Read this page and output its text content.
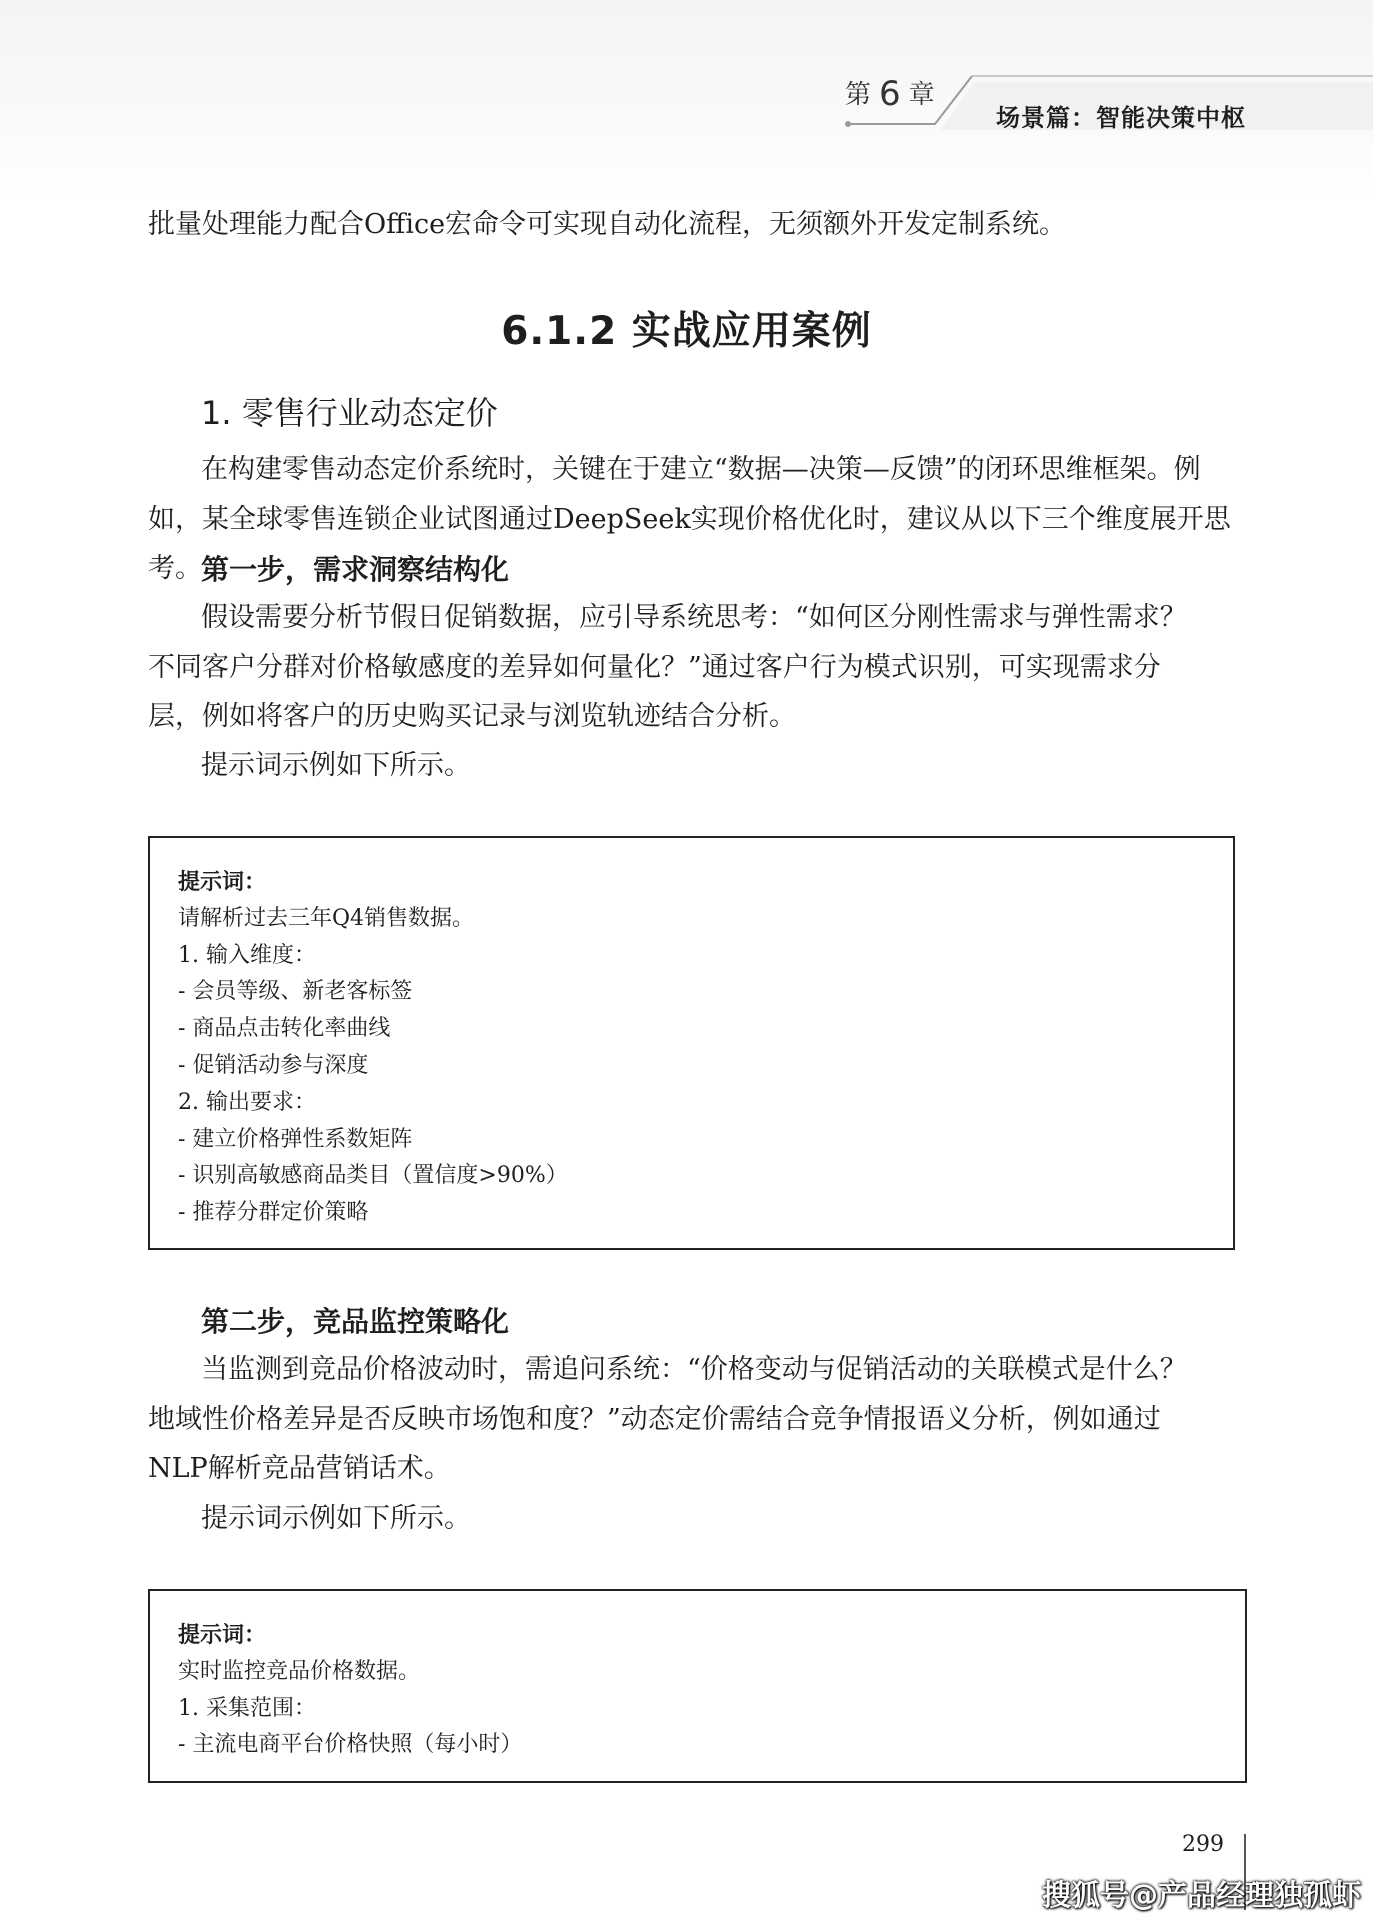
第 6 章
场景篇：智能决策中枢

批量处理能力配合Office宏命令可实现自动化流程，无须额外开发定制系统。

6.1.2 实战应用案例
1. 零售行业动态定价

在构建零售动态定价系统时，关键在于建立“数据—决策—反馈”的闭环思维框架。例

如，某全球零售连锁企业试图通过DeepSeek实现价格优化时，建议从以下三个维度展开思考。 第一步，需求洞察结构化

假设需要分析节假日促销数据，应引导系统思考：“如何区分刚性需求与弹性需求？

不同客户分群对价格敏感度的差异如何量化？”通过客户行为模式识别，可实现需求分

层，例如将客户的历史购买记录与浏览轨迹结合分析。

提示词示例如下所示。

提示词：
请解析过去三年Q4销售数据。
1. 输入维度：
- 会员等级、新老客标签
- 商品点击转化率曲线
- 促销活动参与深度
2. 输出要求：
- 建立价格弹性系数矩阵
- 识别高敏感商品类目（置信度>90%）
- 推荐分群定价策略
第二步，竞品监控策略化

当监测到竞品价格波动时，需追问系统：“价格变动与促销活动的关联模式是什么？

地域性价格差异是否反映市场饱和度？”动态定价需结合竞争情报语义分析，例如通过

NLP解析竞品营销话术。

提示词示例如下所示。

提示词：
实时监控竞品价格数据。
1. 采集范围：
- 主流电商平台价格快照（每小时）
299
搜狐号@产品经理独孤虾
